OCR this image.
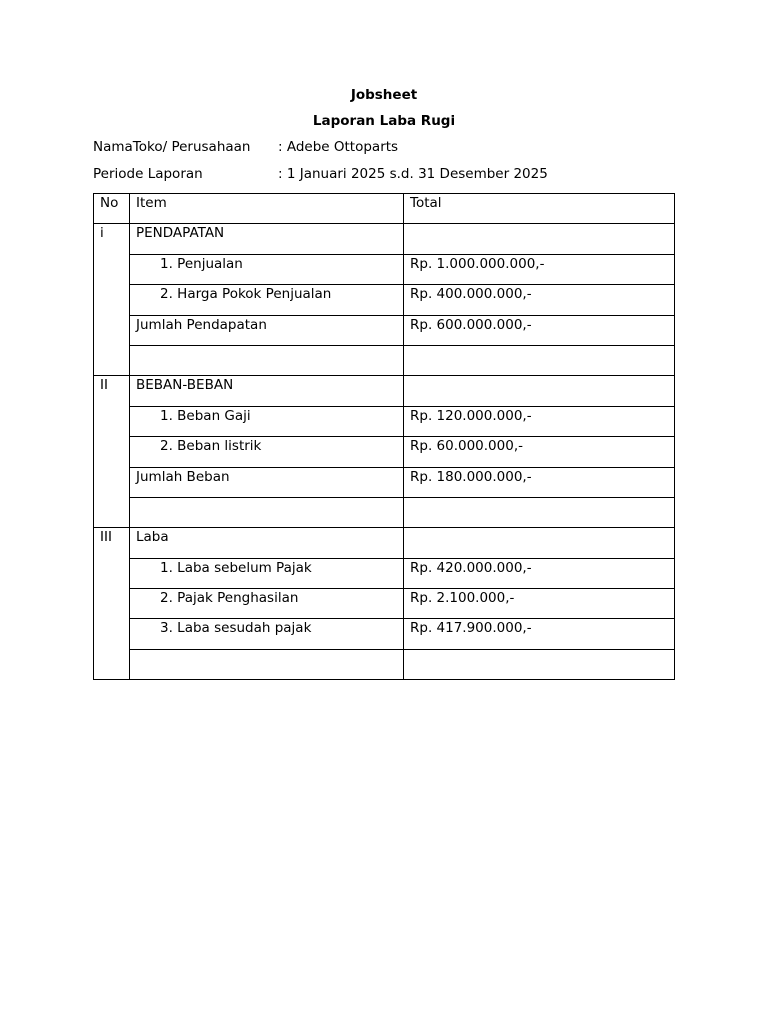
Jobsheet
Laporan Laba Rugi
NamaToko/ Perusahaan : Adebe Ottoparts
Periode Laporan	: 1 Januari 2025 s.d. 31 Desember 2025
No	Item	Total
i	PENDAPATAN	
	1. Penjualan	Rp. 1.000.000.000,-
	2. Harga Pokok Penjualan	Rp. 400.000.000,-
	Jumlah Pendapatan	Rp. 600.000.000,-

II	BEBAN-BEBAN	
	1. Beban Gaji	Rp. 120.000.000,-
	2. Beban listrik	Rp. 60.000.000,-
	Jumlah Beban	Rp. 180.000.000,-

III	Laba	
	1. Laba sebelum Pajak	Rp. 420.000.000,-
	2. Pajak Penghasilan	Rp. 2.100.000,-
	3. Laba sesudah pajak	Rp. 417.900.000,-
